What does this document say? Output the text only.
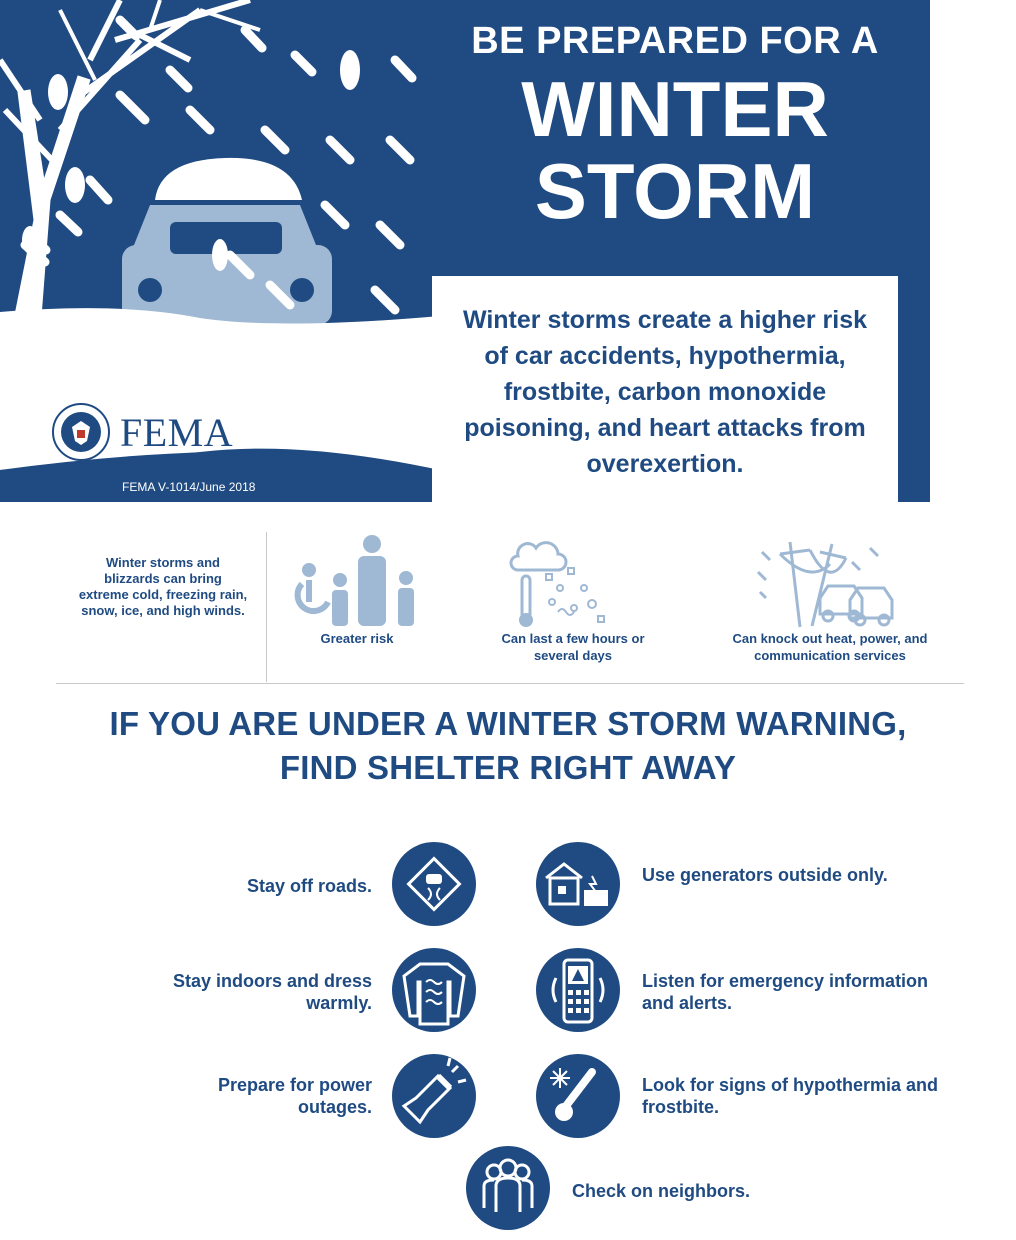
BE PREPARED FOR A
WINTER
STORM
Winter storms create a higher risk of car accidents, hypothermia, frostbite, carbon monoxide poisoning, and heart attacks from overexertion.
FEMA
FEMA V-1014/June 2018
Winter storms and blizzards can bring extreme cold, freezing rain, snow, ice, and high winds.
Greater risk	Can last a few hours or several days
Can knock out heat, power, and communication services
IF YOU ARE UNDER A WINTER STORM WARNING,
FIND SHELTER RIGHT AWAY
Stay off roads.
Use generators outside only.
Stay indoors and dress warmly.
Listen for emergency information and alerts.
Prepare for power outages.
Look for signs of hypothermia and frostbite.
Check on neighbors.
